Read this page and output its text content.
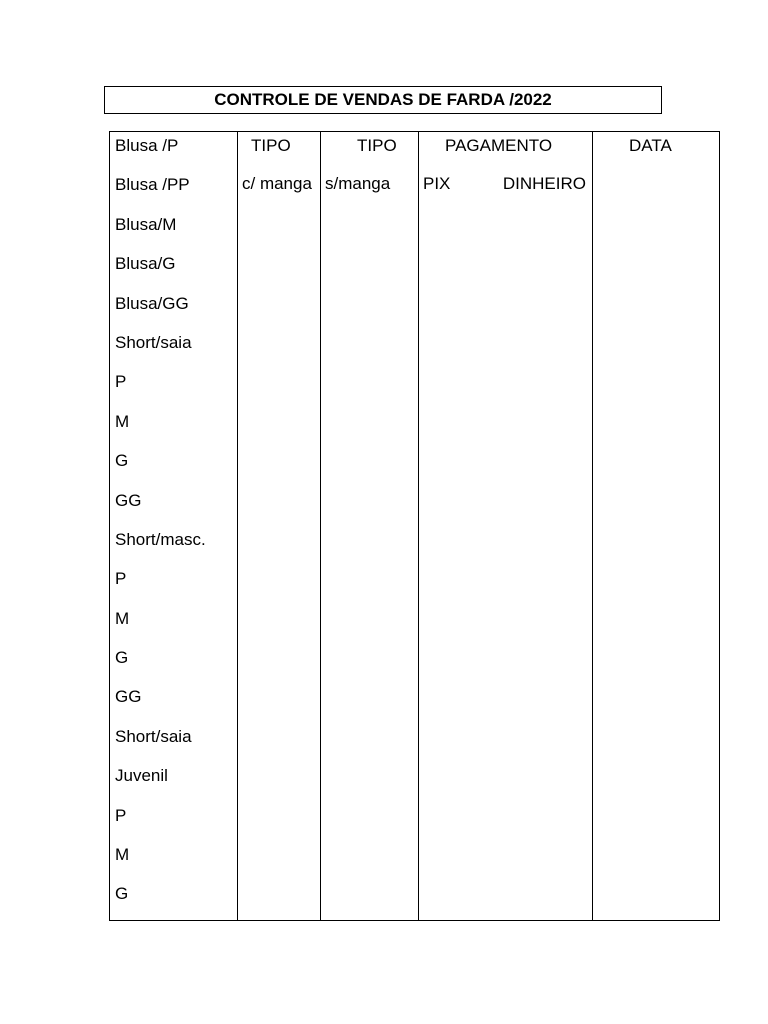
CONTROLE DE VENDAS DE FARDA /2022
Blusa /P
Blusa /PP
Blusa/M
Blusa/G
Blusa/GG
Short/saia
P
M
G
GG
Short/masc.
P
M
G
GG
Short/saia
Juvenil
P
M
G
TIPO
c/ manga
TIPO
s/manga
PAGAMENTO
PIX	DINHEIRO
DATA
